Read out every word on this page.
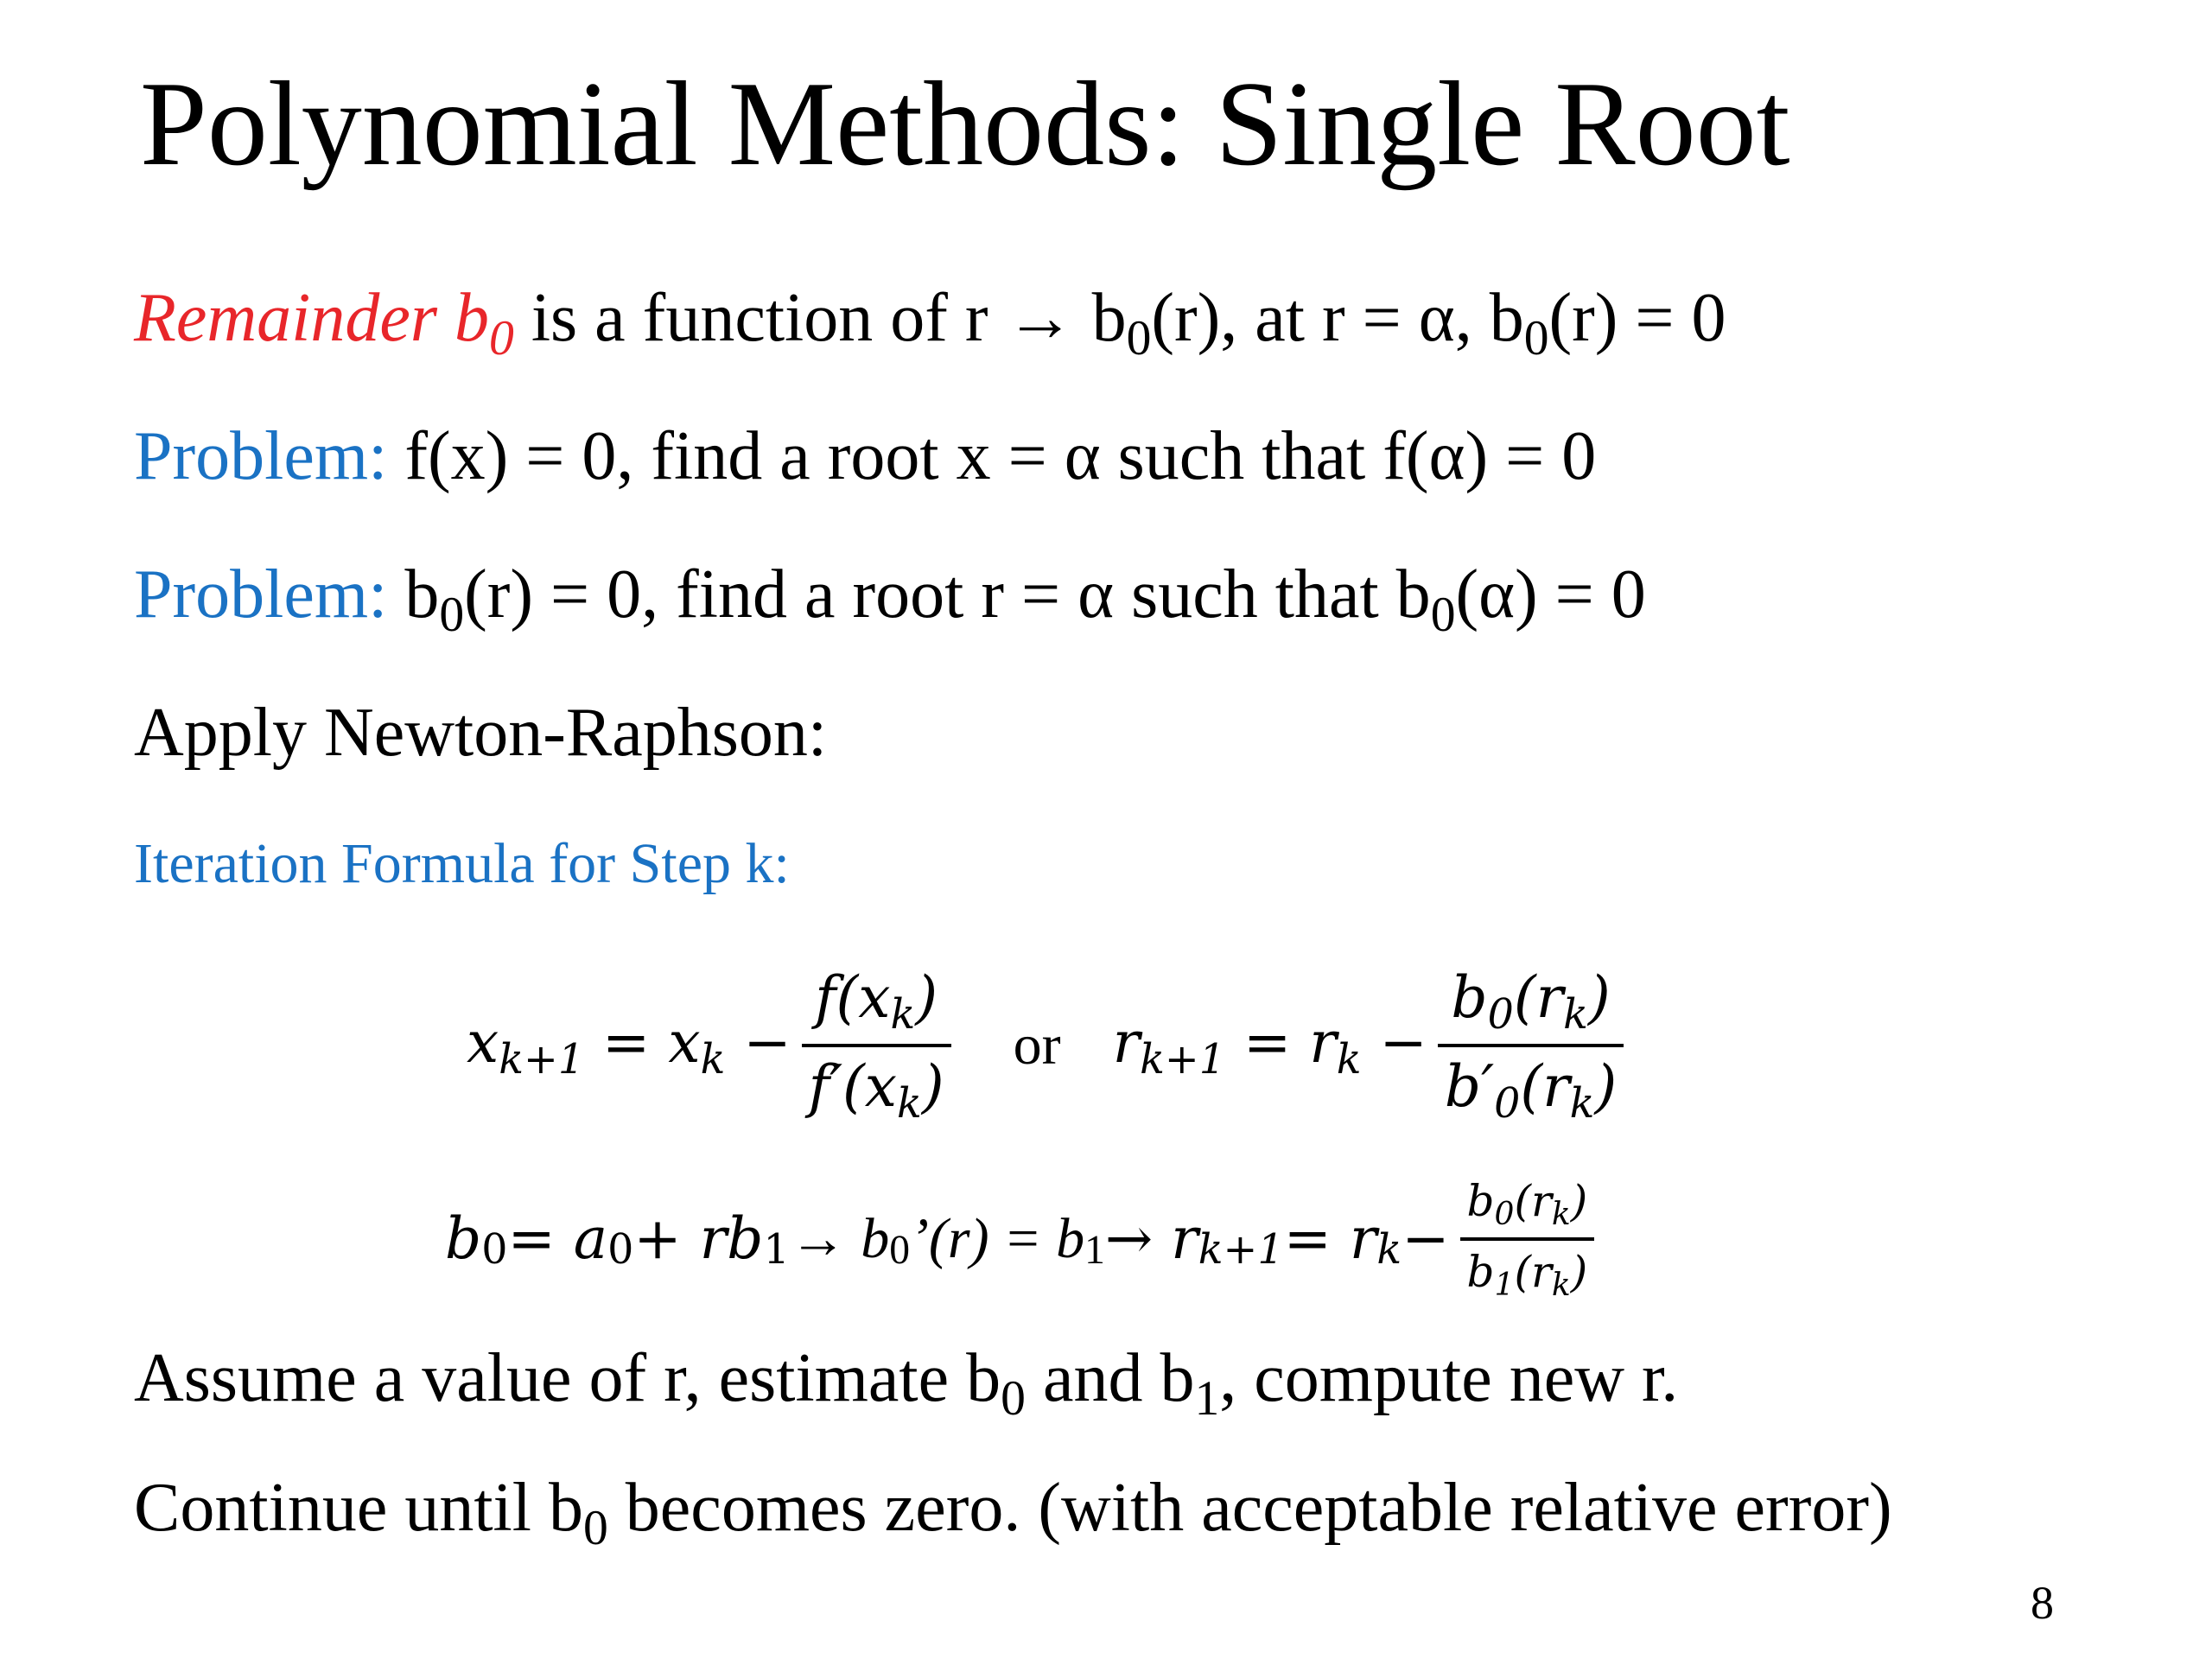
Polynomial Methods: Single Root
Remainder $b_0$ is a function of $r \to b_0(r)$, at r = α, $b_0(r) = 0$
Problem: f(x) = 0, find a root x = α such that f(α) = 0
Problem: $b_0(r) = 0$, find a root r = α such that $b_0(\alpha) = 0$
Apply Newton-Raphson:
Iteration Formula for Step k:
$x_{k+1} = x_k - \frac{f(x_k)}{f'(x_k)}$ or $r_{k+1} = r_k - \frac{b_0(r_k)}{b'_0(r_k)}$
b 0 = a 0 + rb 1 → b 0 ’(r) = b 1 → r k+1 = r $k - \frac{b_0(r_k)}{b_1(r_k)}$
Assume a value of r, estimate $b_0$ and $b_1$, compute new r.
Continue until $b_0$ becomes zero. (with acceptable relative error)
8
